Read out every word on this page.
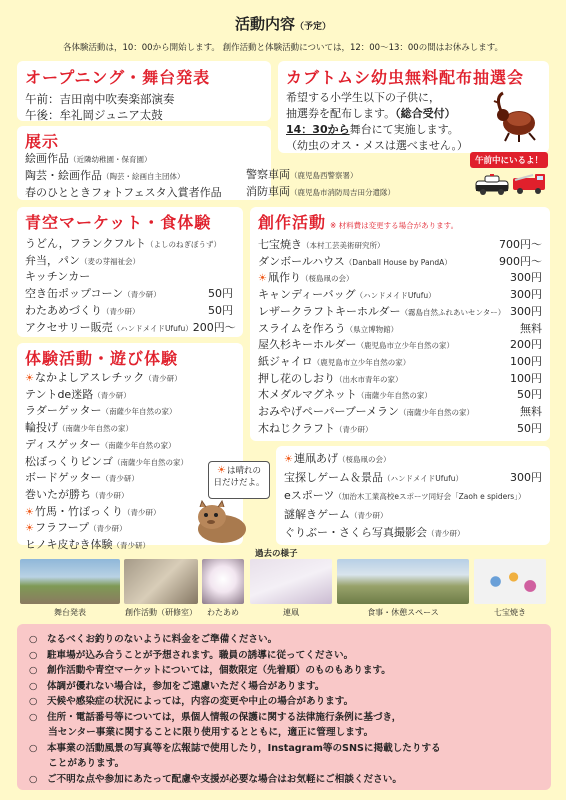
活動内容（予定）
各体験活動は，10：00から開始します。 創作活動と体験活動については，12：00～13：00の間はお休みします。
オープニング・舞台発表
午前：吉田南中吹奏楽部演奏
午後：牟礼岡ジュニア太鼓
カブトムシ幼虫無料配布抽選会
希望する小学生以下の子供に，
抽選券を配布します。（総合受付）
14：30から舞台にて実施します。
（幼虫のオス・メスは選べません。）
展示
絵画作品（近隣幼稚園・保育園）
陶芸・絵画作品（陶芸・絵画自主団体）
春のひとときフォトフェスタ入賞者作品
警察車両（鹿児島西警察署）
消防車両（鹿児島市消防局吉田分遣隊）
午前中にいるよ！
青空マーケット・食体験
うどん，フランクフルト（よしのねぎぼうず）
弁当，パン（麦の芽福祉会）
キッチンカー
空き缶ポップコーン（青少研）	50円
わたあめづくり（青少研）	50円
アクセサリー販売（ハンドメイドUfufu） 200円～
体験活動・遊び体験
☀なかよしアスレチック（青少研）
テントde迷路（青少研）
ラダーゲッター（南薩少年自然の家）
輪投げ（南薩少年自然の家）
ディスゲッター（南薩少年自然の家）
松ぼっくりビンゴ（南薩少年自然の家）
ボードゲッター（青少研）
巻いたが勝ち（青少研）
☀竹馬・竹ぽっくり（青少研）
☀フラフープ（青少研）
ヒノキ皮むき体験（青少研）
☀は晴れの日だけだよ。
創作活動 ※ 材料費は変更する場合があります。
七宝焼き（本村工芸美術研究所）	700円～
ダンボールハウス（Danball House by PandA）	900円～
☀凧作り（桜島凧の会）	300円
キャンディーバッグ（ハンドメイドUfufu）	300円
レザークラフトキーホルダー（霧島自然ふれあいセンター） 300円
スライムを作ろう（県立博物館）	無料
屋久杉キーホルダー（鹿児島市立少年自然の家）	200円
紙ジャイロ（鹿児島市立少年自然の家）	100円
押し花のしおり（出水市青年の家）	100円
木メダルマグネット（南薩少年自然の家）	50円
おみやげペーパーブーメラン（南薩少年自然の家）	無料
木ねじクラフト（青少研）	50円
☀連凧あげ（桜島凧の会）
宝探しゲーム＆景品（ハンドメイドUfufu）	300円
eスポーツ（加治木工業高校eスポーツ同好会「Zaoh e spiders」）
謎解きゲーム（青少研）
ぐりぶー・さくら写真撮影会（青少研）
過去の様子
舞台発表	創作活動（研修室）	わたあめ	連凧	食事・休憩スペース	七宝焼き
○　なるべくお釣りのないように料金をご準備ください。
○　駐車場が込み合うことが予想されます。職員の誘導に従ってください。
○　創作活動や青空マーケットについては，個数限定（先着順）のものもあります。
○　体調が優れない場合は，参加をご遠慮いただく場合があります。
○　天候や感染症の状況によっては，内容の変更や中止の場合があります。
○　住所・電話番号等については，県個人情報の保護に関する法律施行条例に基づき，
　　当センター事業に関することに限り使用するとともに，適正に管理します。
○　本事業の活動風景の写真等を広報誌で使用したり，Instagram等のSNSに掲載したりする
　　ことがあります。
○　ご不明な点や参加にあたって配慮や支援が必要な場合はお気軽にご相談ください。
